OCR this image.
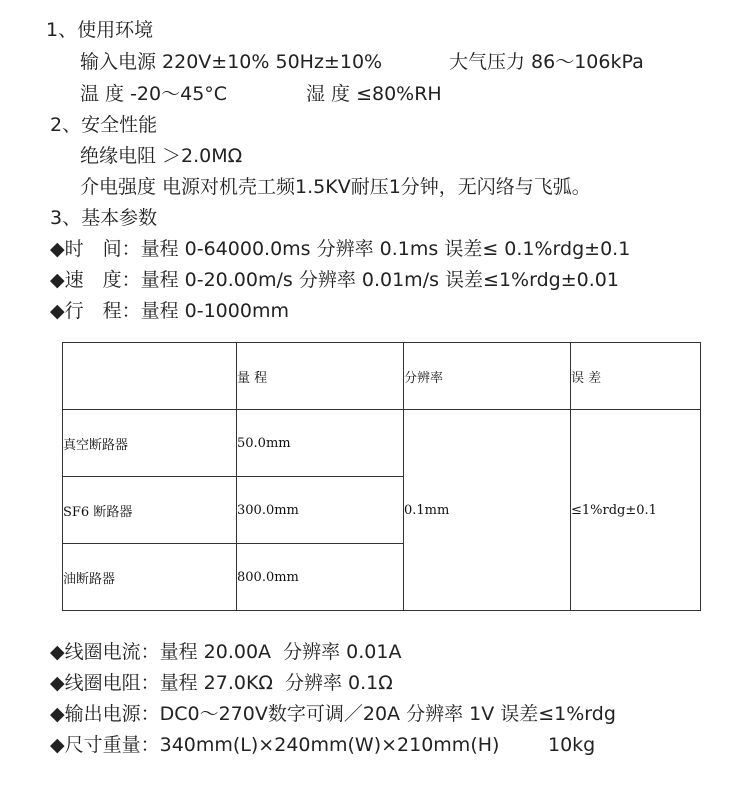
1、使用环境
输入电源 220V±10% 50Hz±10%	大气压力 86～106kPa
温 度 -20～45°C	湿 度 ≤80%RH
2、安全性能
绝缘电阻 ＞2.0MΩ
介电强度 电源对机壳工频1.5KV耐压1分钟，无闪络与飞弧。
3、基本参数
◆时　间：量程 0-64000.0ms 分辨率 0.1ms 误差≤ 0.1%rdg±0.1
◆速　度：量程 0-20.00m/s 分辨率 0.01m/s 误差≤1%rdg±0.01
◆行　程：量程 0-1000mm
	量 程	分辨率	误 差
真空断路器	50.0mm	0.1mm	≤1%rdg±0.1
SF6 断路器	300.0mm		
油断路器	800.0mm		
◆线圈电流：量程 20.00A  分辨率 0.01A
◆线圈电阻：量程 27.0KΩ  分辨率 0.1Ω
◆输出电源：DC0～270V数字可调／20A 分辨率 1V 误差≤1%rdg
◆尺寸重量：340mm(L)×240mm(W)×210mm(H)	10kg
